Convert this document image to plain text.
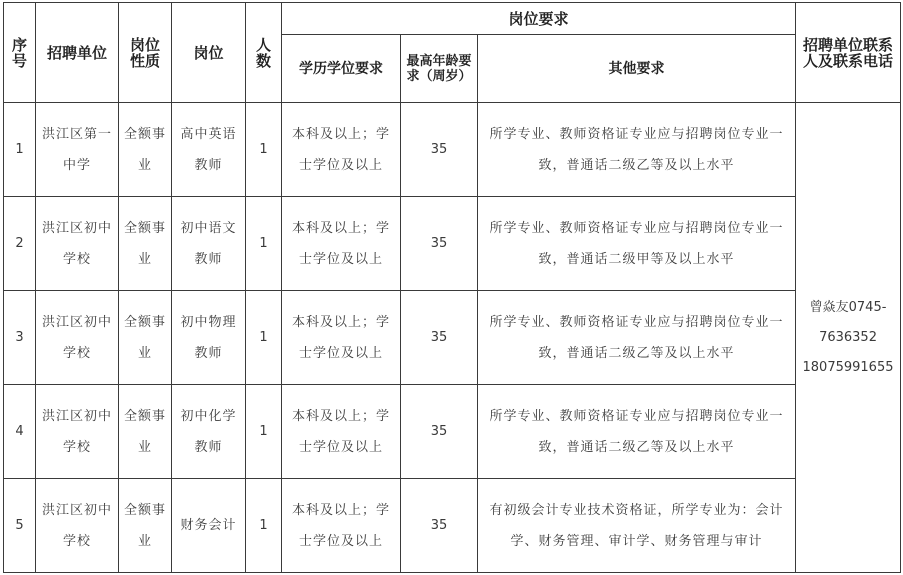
序号	招聘单位	岗位性质	岗位	人数	岗位要求			招聘单位联系人及联系电话
					学历学位要求	最高年龄要求（周岁）	其他要求	
1	洪江区第一中学	全额事业	高中英语教师	1	本科及以上；学士学位及以上	35	所学专业、教师资格证专业应与招聘岗位专业一致，普通话二级乙等及以上水平	曾焱友0745-7636352
18075991655

2	洪江区初中学校	全额事业	初中语文教师	1	本科及以上；学士学位及以上	35	所学专业、教师资格证专业应与招聘岗位专业一致，普通话二级甲等及以上水平	
3	洪江区初中学校	全额事业	初中物理教师	1	本科及以上；学士学位及以上	35	所学专业、教师资格证专业应与招聘岗位专业一致，普通话二级乙等及以上水平	
4	洪江区初中学校	全额事业	初中化学教师	1	本科及以上；学士学位及以上	35	所学专业、教师资格证专业应与招聘岗位专业一致，普通话二级乙等及以上水平	
5	洪江区初中学校	全额事业	财务会计	1	本科及以上；学士学位及以上	35	有初级会计专业技术资格证，所学专业为：会计学、财务管理、审计学、财务管理与审计	
